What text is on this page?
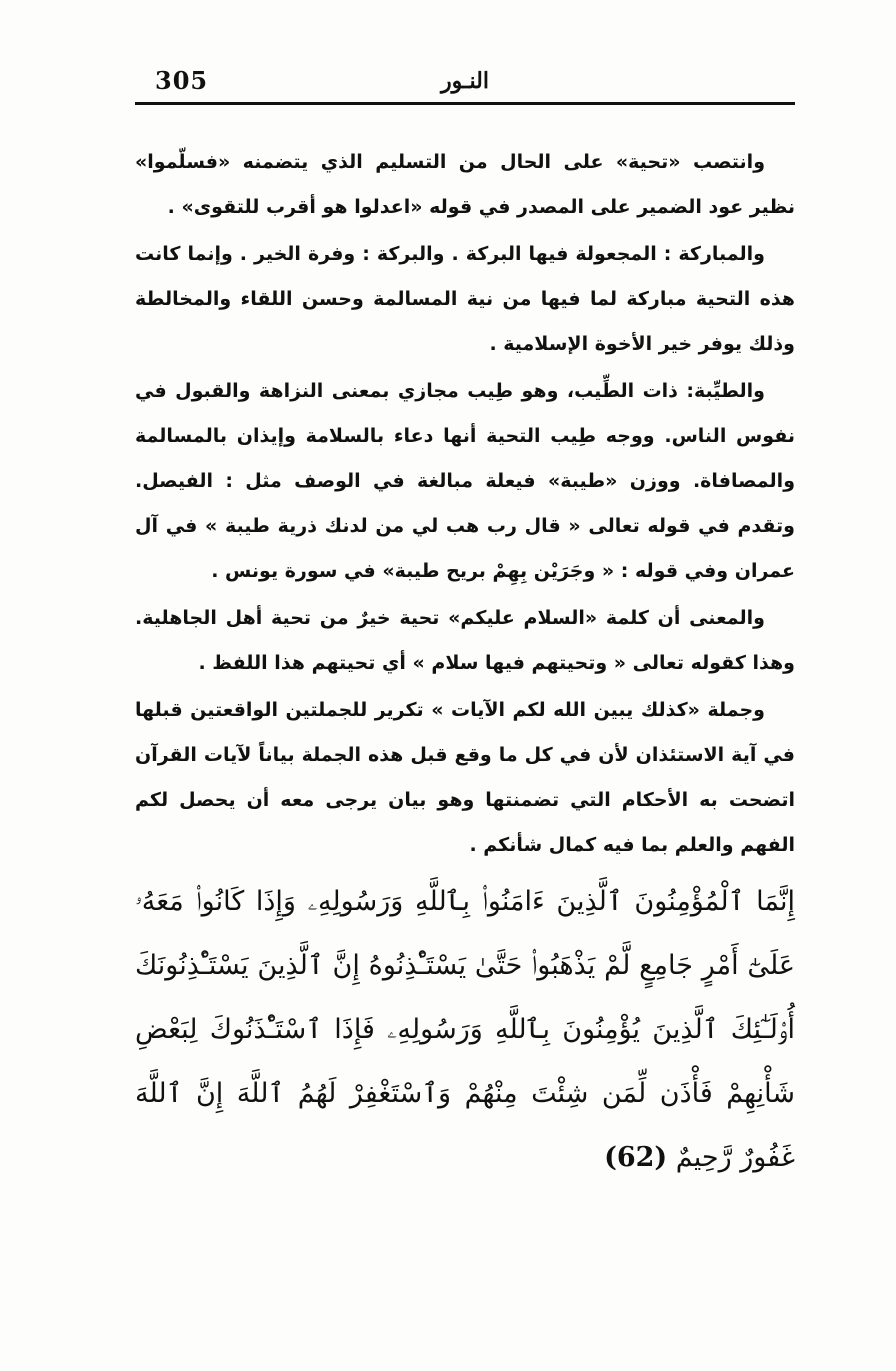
305	النـور

وانتصب «تحية» على الحال من التسليم الذي يتضمنه «فسلّموا» نظير عود الضمير على المصدر في قوله «اعدلوا هو أقرب للتقوى» .

والمباركة : المجعولة فيها البركة . والبركة : وفرة الخير . وإنما كانت هذه التحية مباركة لما فيها من نية المسالمة وحسن اللقاء والمخالطة وذلك يوفر خير الأخوة الإسلامية .

والطيِّبة: ذات الطِّيب، وهو طِيب مجازي بمعنى النزاهة والقبول في نفوس الناس. ووجه طِيب التحية أنها دعاء بالسلامة وإيذان بالمسالمة والمصافاة. ووزن «طيبة» فيعلة مبالغة في الوصف مثل : الفيصل. وتقدم في قوله تعالى « قال رب هب لي من لدنك ذرية طيبة » في آل عمران وفي قوله : « وجَرَيْن بِهِمْ بريح طيبة» في سورة يونس .

والمعنى أن كلمة «السلام عليكم» تحية خيرٌ من تحية أهل الجاهلية. وهذا كقوله تعالى « وتحيتهم فيها سلام » أي تحيتهم هذا اللفظ .

وجملة «كذلك يبين الله لكم الآيات » تكرير للجملتين الواقعتين قبلها في آية الاستئذان لأن في كل ما وقع قبل هذه الجملة بياناً لآيات القرآن اتضحت به الأحكام التي تضمنتها وهو بيان يرجى معه أن يحصل لكم الفهم والعلم بما فيه كمال شأنكم .

إِنَّمَا ٱلْمُؤْمِنُونَ ٱلَّذِينَ ءَامَنُوا۟ بِٱللَّهِ وَرَسُولِهِۦ وَإِذَا كَانُوا۟ مَعَهُۥ عَلَىٰٓ أَمْرٍ جَامِعٍ لَّمْ يَذْهَبُوا۟ حَتَّىٰ يَسْتَـْٔذِنُوهُ إِنَّ ٱلَّذِينَ يَسْتَـْٔذِنُونَكَ أُو۟لَـٰٓئِكَ ٱلَّذِينَ يُؤْمِنُونَ بِٱللَّهِ وَرَسُولِهِۦ فَإِذَا ٱسْتَـْٔذَنُوكَ لِبَعْضِ شَأْنِهِمْ فَأْذَن لِّمَن شِئْتَ مِنْهُمْ وَٱسْتَغْفِرْ لَهُمُ ٱللَّهَ إِنَّ ٱللَّهَ غَفُورٌ رَّحِيمٌ (62)
